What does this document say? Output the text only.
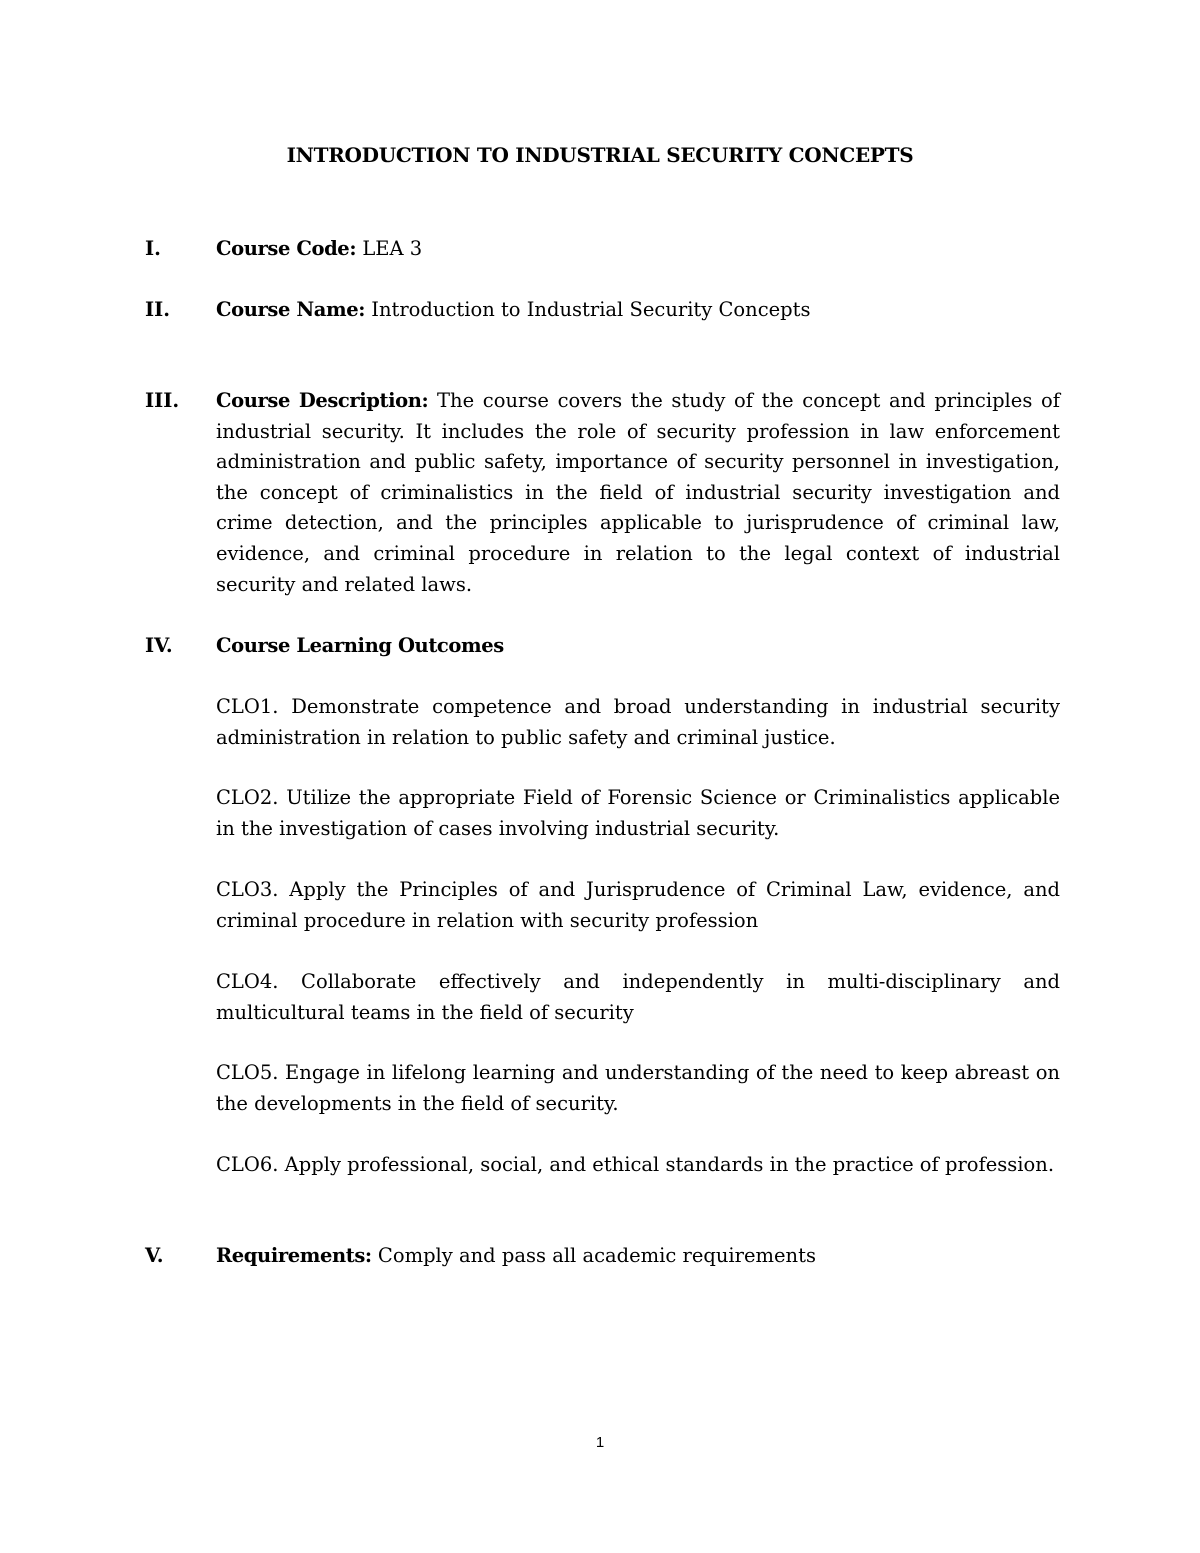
INTRODUCTION TO INDUSTRIAL SECURITY CONCEPTS
I.	Course Code: LEA 3
II.	Course Name: Introduction to Industrial Security Concepts
III.	Course Description: The course covers the study of the concept and principles of industrial security. It includes the role of security profession in law enforcement administration and public safety, importance of security personnel in investigation, the concept of criminalistics in the field of industrial security investigation and crime detection, and the principles applicable to jurisprudence of criminal law, evidence, and criminal procedure in relation to the legal context of industrial security and related laws.
IV.	Course Learning Outcomes
CLO1. Demonstrate competence and broad understanding in industrial security administration in relation to public safety and criminal justice.
CLO2. Utilize the appropriate Field of Forensic Science or Criminalistics applicable in the investigation of cases involving industrial security.
CLO3. Apply the Principles of and Jurisprudence of Criminal Law, evidence, and criminal procedure in relation with security profession
CLO4. Collaborate effectively and independently in multi-disciplinary and multicultural teams in the field of security
CLO5. Engage in lifelong learning and understanding of the need to keep abreast on the developments in the field of security.
CLO6. Apply professional, social, and ethical standards in the practice of profession.
V.	Requirements: Comply and pass all academic requirements
1
